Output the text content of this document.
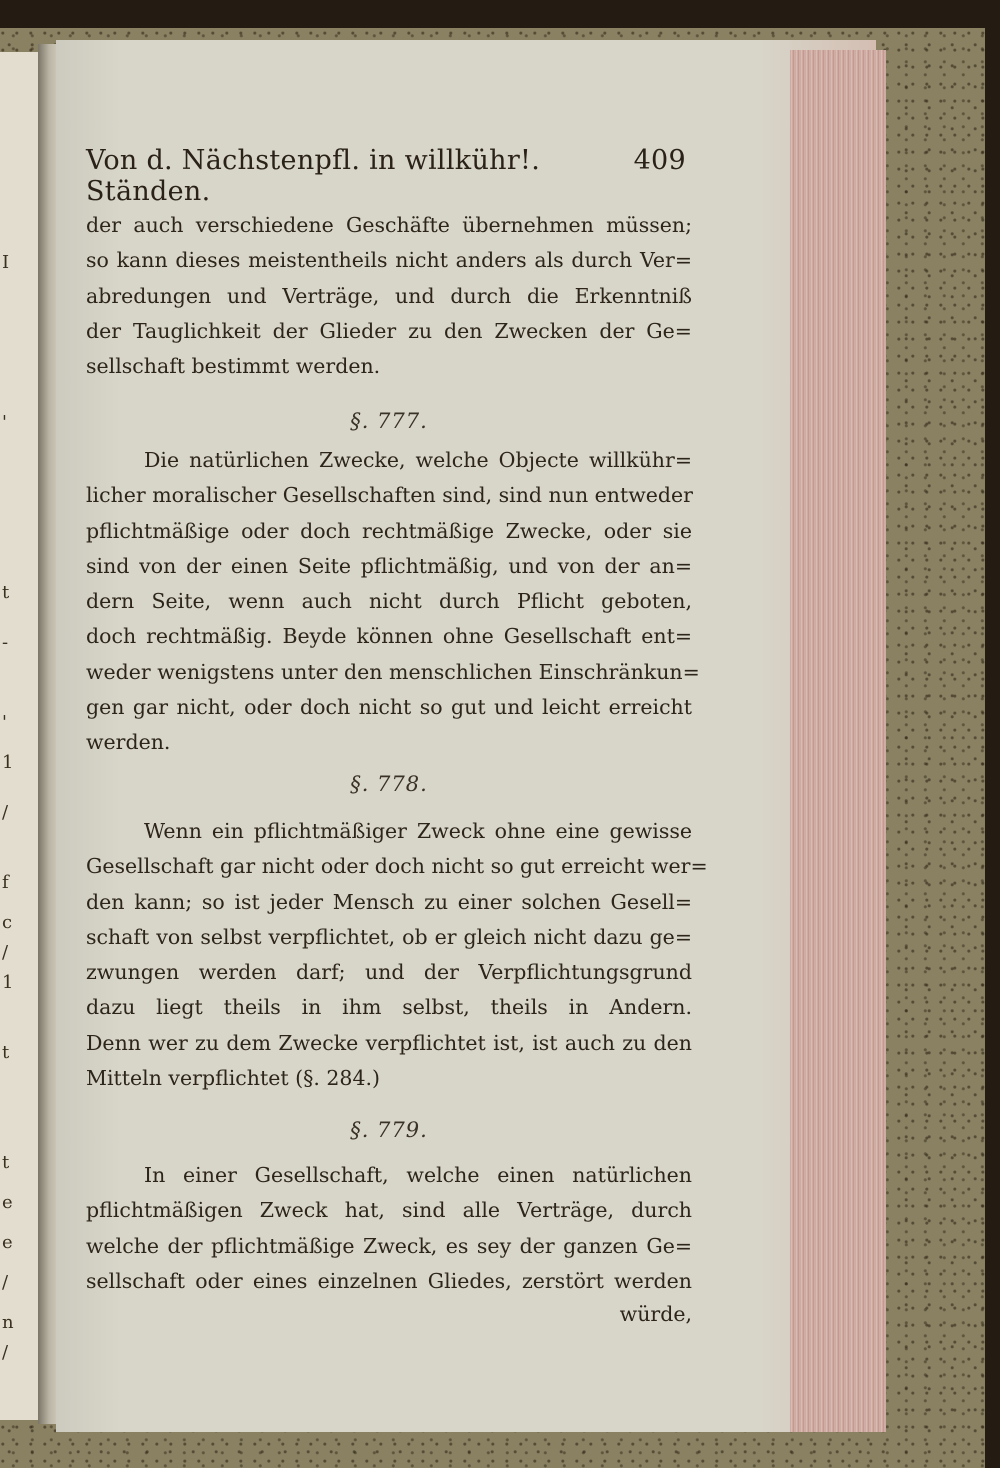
I
'
t
-
'
1
/
f
c
/
1
t
t
e
e
/
n
/
Von d. Nächstenpfl. in willkühr!. Ständen.
409
der auch verschiedene Geschäfte übernehmen müssen;
so kann dieses meistentheils nicht anders als durch Ver=
abredungen und Verträge, und durch die Erkenntniß
der Tauglichkeit der Glieder zu den Zwecken der Ge=
sellschaft bestimmt werden.
§. 777.
Die natürlichen Zwecke, welche Objecte willkühr=
licher moralischer Gesellschaften sind, sind nun entweder
pflichtmäßige oder doch rechtmäßige Zwecke, oder sie
sind von der einen Seite pflichtmäßig, und von der an=
dern Seite, wenn auch nicht durch Pflicht geboten,
doch rechtmäßig. Beyde können ohne Gesellschaft ent=
weder wenigstens unter den menschlichen Einschränkun=
gen gar nicht, oder doch nicht so gut und leicht erreicht
werden.
§. 778.
Wenn ein pflichtmäßiger Zweck ohne eine gewisse
Gesellschaft gar nicht oder doch nicht so gut erreicht wer=
den kann; so ist jeder Mensch zu einer solchen Gesell=
schaft von selbst verpflichtet, ob er gleich nicht dazu ge=
zwungen werden darf; und der Verpflichtungsgrund
dazu liegt theils in ihm selbst, theils in Andern.
Denn wer zu dem Zwecke verpflichtet ist, ist auch zu den
Mitteln verpflichtet (§. 284.)
§. 779.
In einer Gesellschaft, welche einen natürlichen
pflichtmäßigen Zweck hat, sind alle Verträge, durch
welche der pflichtmäßige Zweck, es sey der ganzen Ge=
sellschaft oder eines einzelnen Gliedes, zerstört werden
würde,
